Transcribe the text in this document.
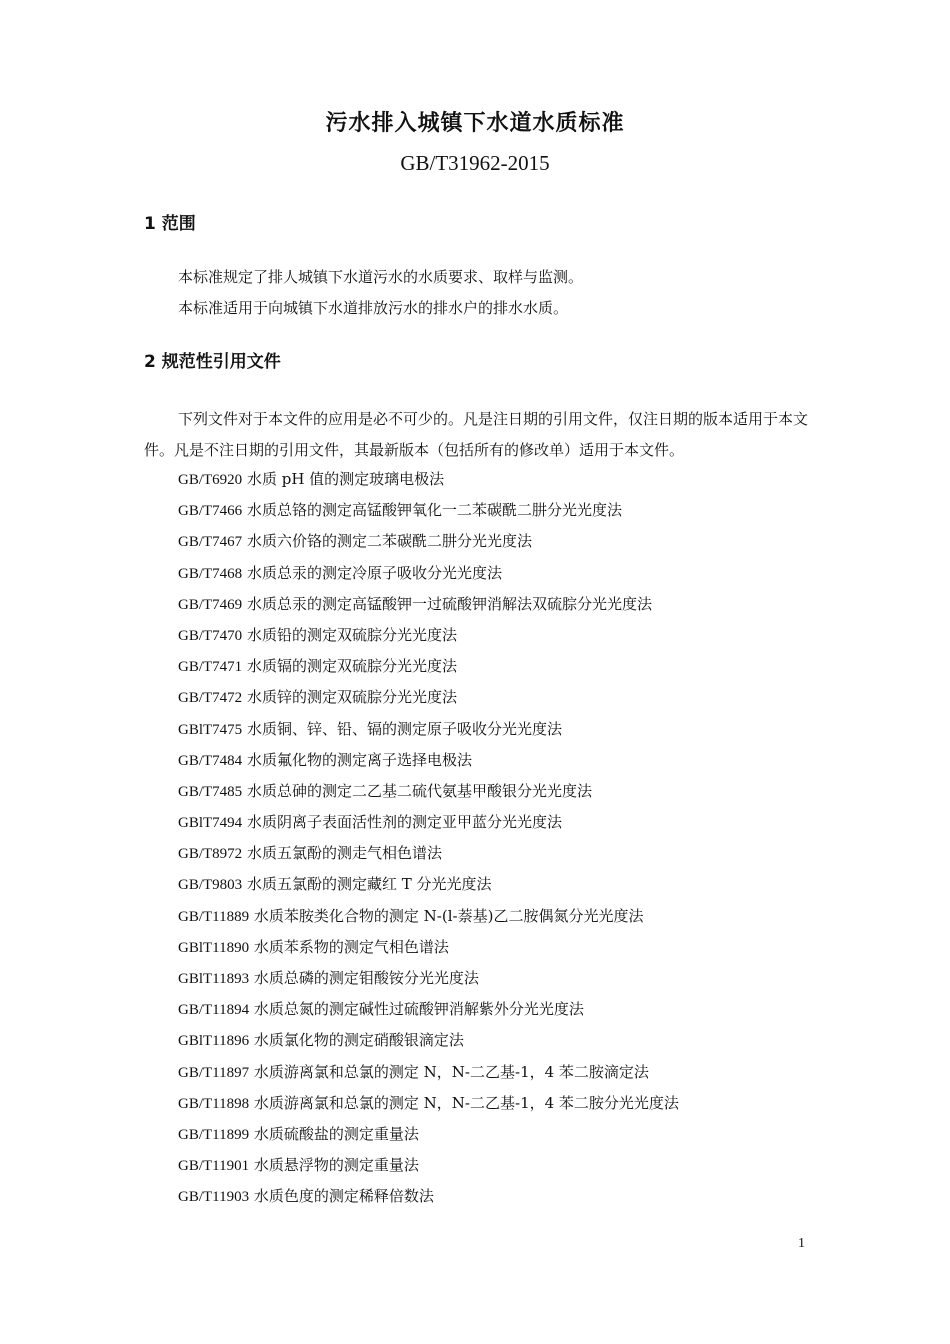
污水排入城镇下水道水质标准
GB/T31962-2015
1 范围
本标准规定了排人城镇下水道污水的水质要求、取样与监测。
本标准适用于向城镇下水道排放污水的排水户的排水水质。
2 规范性引用文件
下列文件对于本文件的应用是必不可少的。凡是注日期的引用文件，仅注日期的版本适用于本文件。凡是不注日期的引用文件，其最新版本（包括所有的修改单）适用于本文件。
GB/T6920 水质 pH 值的测定玻璃电极法
GB/T7466 水质总铬的测定高锰酸钾氧化一二苯碳酰二肼分光光度法
GB/T7467 水质六价铬的测定二苯碳酰二肼分光光度法
GB/T7468 水质总汞的测定冷原子吸收分光光度法
GB/T7469 水质总汞的测定高锰酸钾一过硫酸钾消解法双硫腙分光光度法
GB/T7470 水质铅的测定双硫腙分光光度法
GB/T7471 水质镉的测定双硫腙分光光度法
GB/T7472 水质锌的测定双硫腙分光光度法
GBlT7475 水质铜、锌、铅、镉的测定原子吸收分光光度法
GB/T7484 水质氟化物的测定离子选择电极法
GB/T7485 水质总砷的测定二乙基二硫代氨基甲酸银分光光度法
GBlT7494 水质阴离子表面活性剂的测定亚甲蓝分光光度法
GB/T8972 水质五氯酚的测走气相色谱法
GB/T9803 水质五氯酚的测定藏红 T 分光光度法
GB/T11889 水质苯胺类化合物的测定 N-(l-萘基)乙二胺偶氮分光光度法
GBlT11890 水质苯系物的测定气相色谱法
GBlT11893 水质总磷的测定钼酸铵分光光度法
GB/T11894 水质总氮的测定碱性过硫酸钾消解紫外分光光度法
GBlT11896 水质氯化物的测定硝酸银滴定法
GB/T11897 水质游离氯和总氯的测定 N，N-二乙基-1，4 苯二胺滴定法
GB/T11898 水质游离氯和总氯的测定 N，N-二乙基-1，4 苯二胺分光光度法
GB/T11899 水质硫酸盐的测定重量法
GB/T11901 水质悬浮物的测定重量法
GB/T11903 水质色度的测定稀释倍数法
1
